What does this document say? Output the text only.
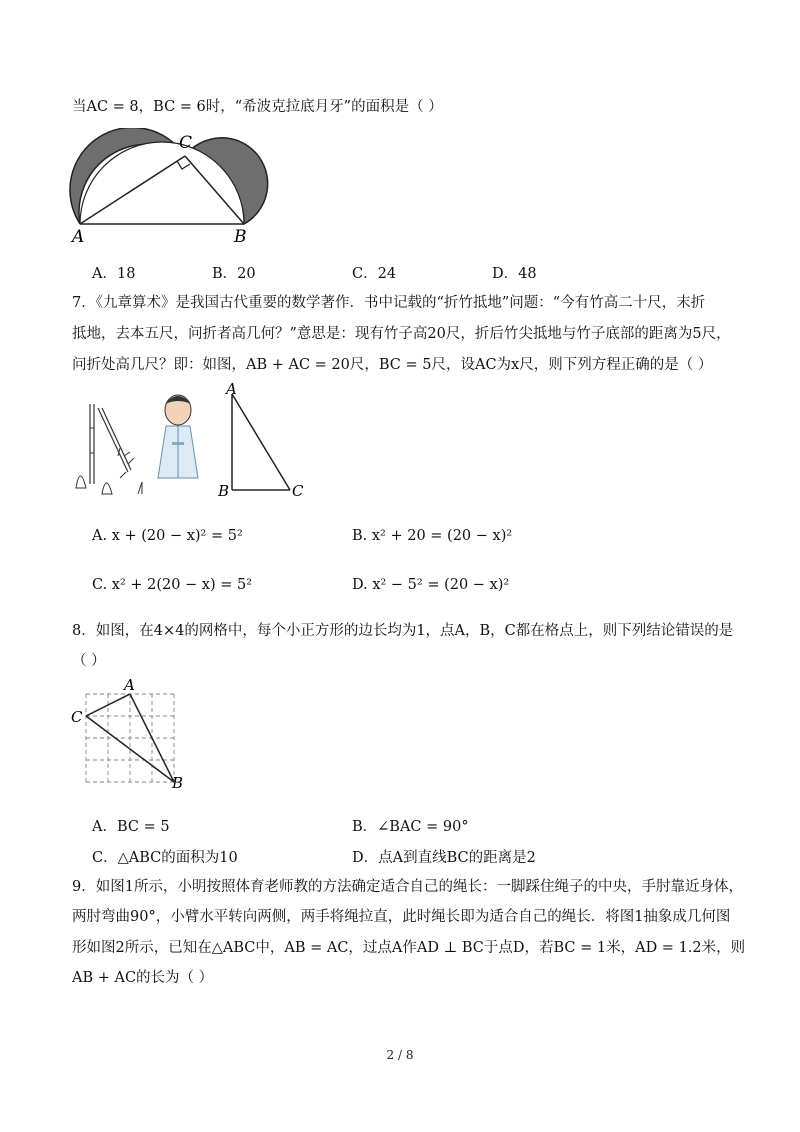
当AC = 8，BC = 6时，“希波克拉底月牙”的面积是（ ）
C
A	B
A．18	B．20	C．24	D．48
7．《九章算术》是我国古代重要的数学著作．书中记载的“折竹抵地”问题：“今有竹高二十尺，末折
抵地，去本五尺，问折者高几何？”意思是：现有竹子高20尺，折后竹尖抵地与竹子底部的距离为5尺，
问折处高几尺？即：如图，AB + AC = 20尺，BC = 5尺，设AC为x尺，则下列方程正确的是（ ）
A
B	C
A. x + (20 − x)² = 5²	B. x² + 20 = (20 − x)²
C. x² + 2(20 − x) = 5²	D. x² − 5² = (20 − x)²
8．如图，在4×4的网格中，每个小正方形的边长均为1，点A，B，C都在格点上，则下列结论错误的是
（ ）
A
C
B
A．BC = 5	B．∠BAC = 90°
C．△ABC的面积为10	D．点A到直线BC的距离是2
9．如图1所示，小明按照体育老师教的方法确定适合自己的绳长：一脚踩住绳子的中央，手肘靠近身体，
两肘弯曲90°，小臂水平转向两侧，两手将绳拉直，此时绳长即为适合自己的绳长．将图1抽象成几何图
形如图2所示，已知在△ABC中，AB = AC，过点A作AD ⊥ BC于点D，若BC = 1米，AD = 1.2米，则
AB + AC的长为（ ）
2 / 8
